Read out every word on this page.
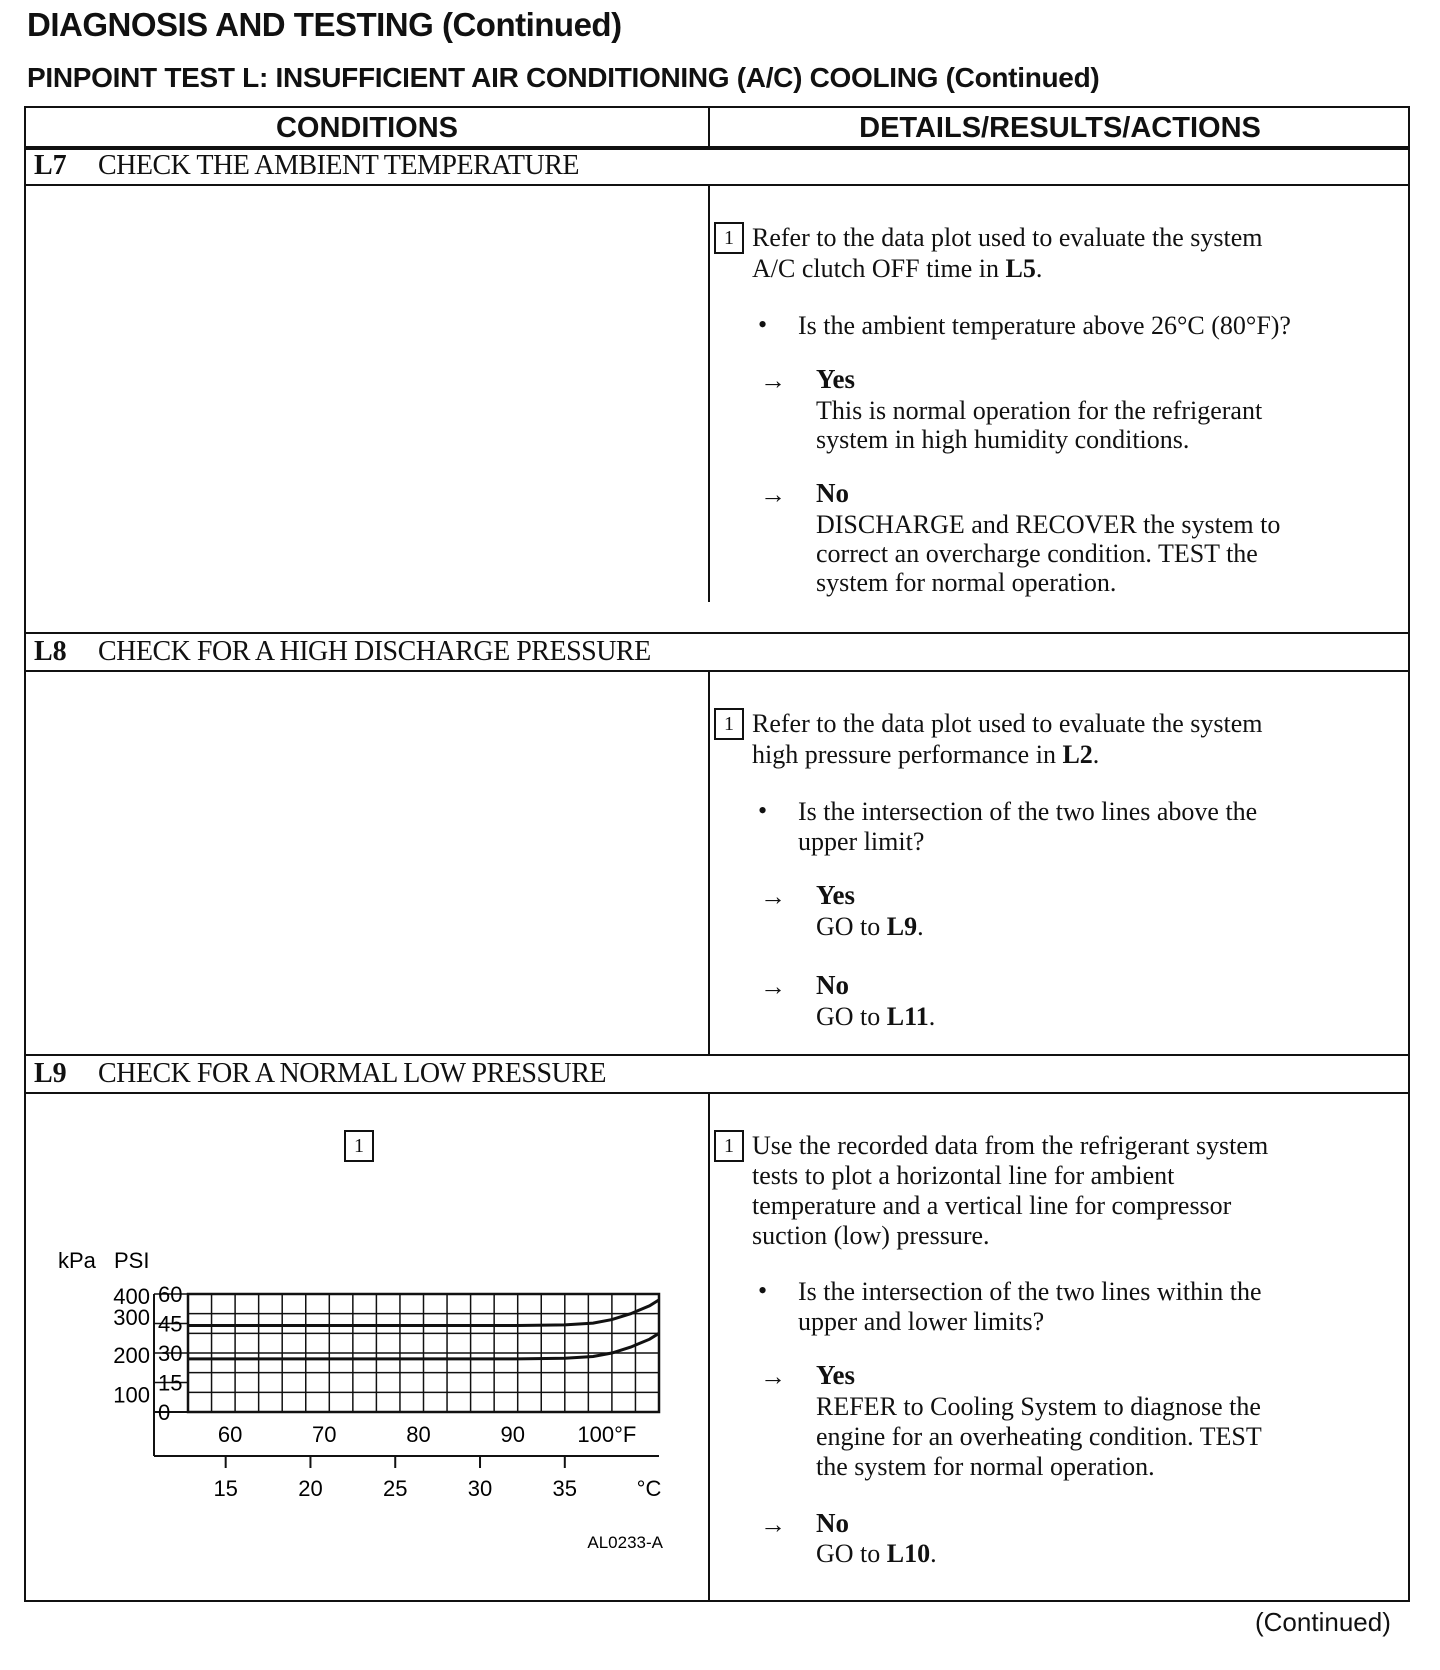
DIAGNOSIS AND TESTING (Continued)
PINPOINT TEST L: INSUFFICIENT AIR CONDITIONING (A/C) COOLING (Continued)
CONDITIONS	DETAILS/RESULTS/ACTIONS
L7 CHECK THE AMBIENT TEMPERATURE
1 Refer to the data plot used to evaluate the system
A/C clutch OFF time in L5.
• Is the ambient temperature above 26°C (80°F)?
→ Yes
This is normal operation for the refrigerant
system in high humidity conditions.
→ No
DISCHARGE and RECOVER the system to
correct an overcharge condition. TEST the
system for normal operation.
L8 CHECK FOR A HIGH DISCHARGE PRESSURE
1 Refer to the data plot used to evaluate the system
high pressure performance in L2.
• Is the intersection of the two lines above the
upper limit?
→ Yes
GO to L9.
→ No
GO to L11.
L9 CHECK FOR A NORMAL LOW PRESSURE
1
60
45
30
15
0
400
300
200
100
kPa PSI
60	70	80	90 100°F
15	20	25	30	35	°C
AL0233-A
1 Use the recorded data from the refrigerant system
tests to plot a horizontal line for ambient
temperature and a vertical line for compressor
suction (low) pressure.
• Is the intersection of the two lines within the
upper and lower limits?
→ Yes
REFER to Cooling System to diagnose the
engine for an overheating condition. TEST
the system for normal operation.
→ No
GO to L10.
(Continued)
